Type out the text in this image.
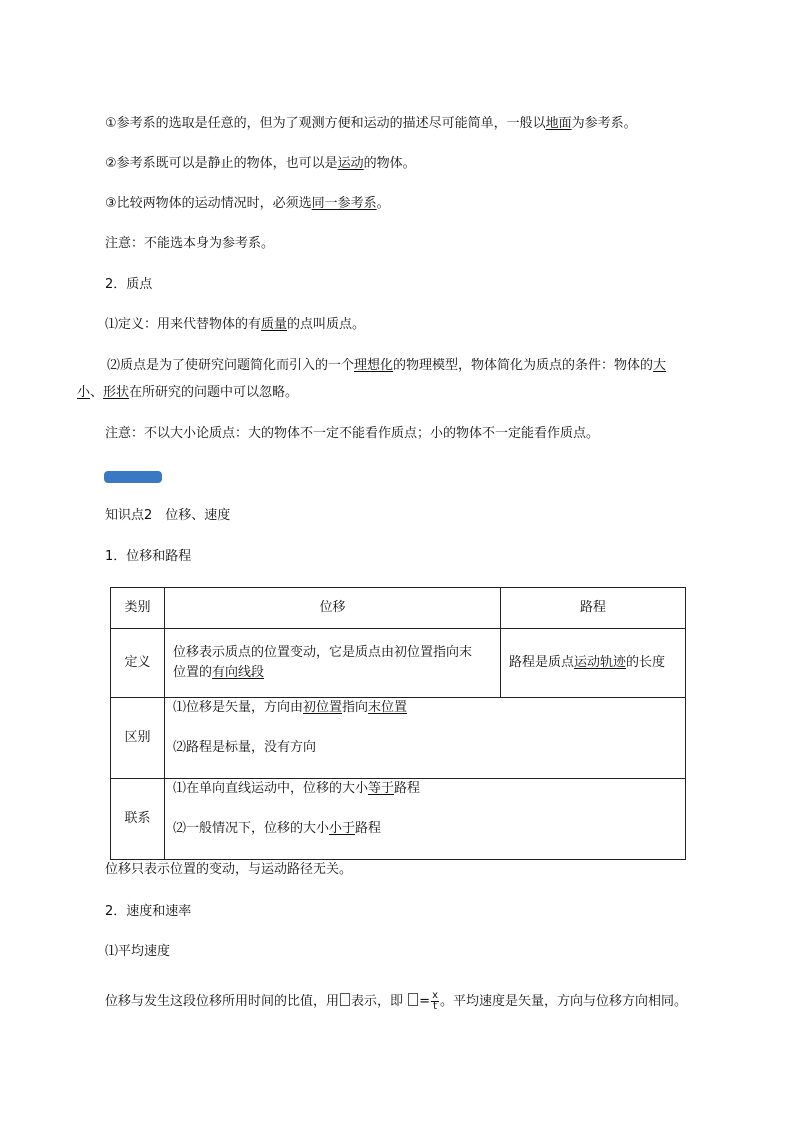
①参考系的选取是任意的，但为了观测方便和运动的描述尽可能简单，一般以地面为参考系。
②参考系既可以是静止的物体，也可以是运动的物体。
③比较两物体的运动情况时，必须选同一参考系。
注意：不能选本身为参考系。
2．质点
⑴定义：用来代替物体的有质量的点叫质点。
⑵质点是为了使研究问题简化而引入的一个理想化的物理模型，物体简化为质点的条件：物体的大
小、形状在所研究的问题中可以忽略。
注意：不以大小论质点：大的物体不一定不能看作质点；小的物体不一定能看作质点。
知识点2　位移、速度
1．位移和路程
类别	位移	路程
定义	位移表示质点的位置变动，它是质点由初位置指向末
位置的有向线段	路程是质点运动轨迹的长度

区别	⑴位移是矢量，方向由初位置指向末位置
⑵路程是标量，没有方向	

联系	⑴在单向直线运动中，位移的大小等于路程
⑵一般情况下，位移的大小小于路程	
位移只表示位置的变动，与运动路径无关。
2．速度和速率
⑴平均速度
位移与发生这段位移所用时间的比值，用 表示，即 = $\frac{x}{t}$ 。平均速度是矢量，方向与位移方向相同。
